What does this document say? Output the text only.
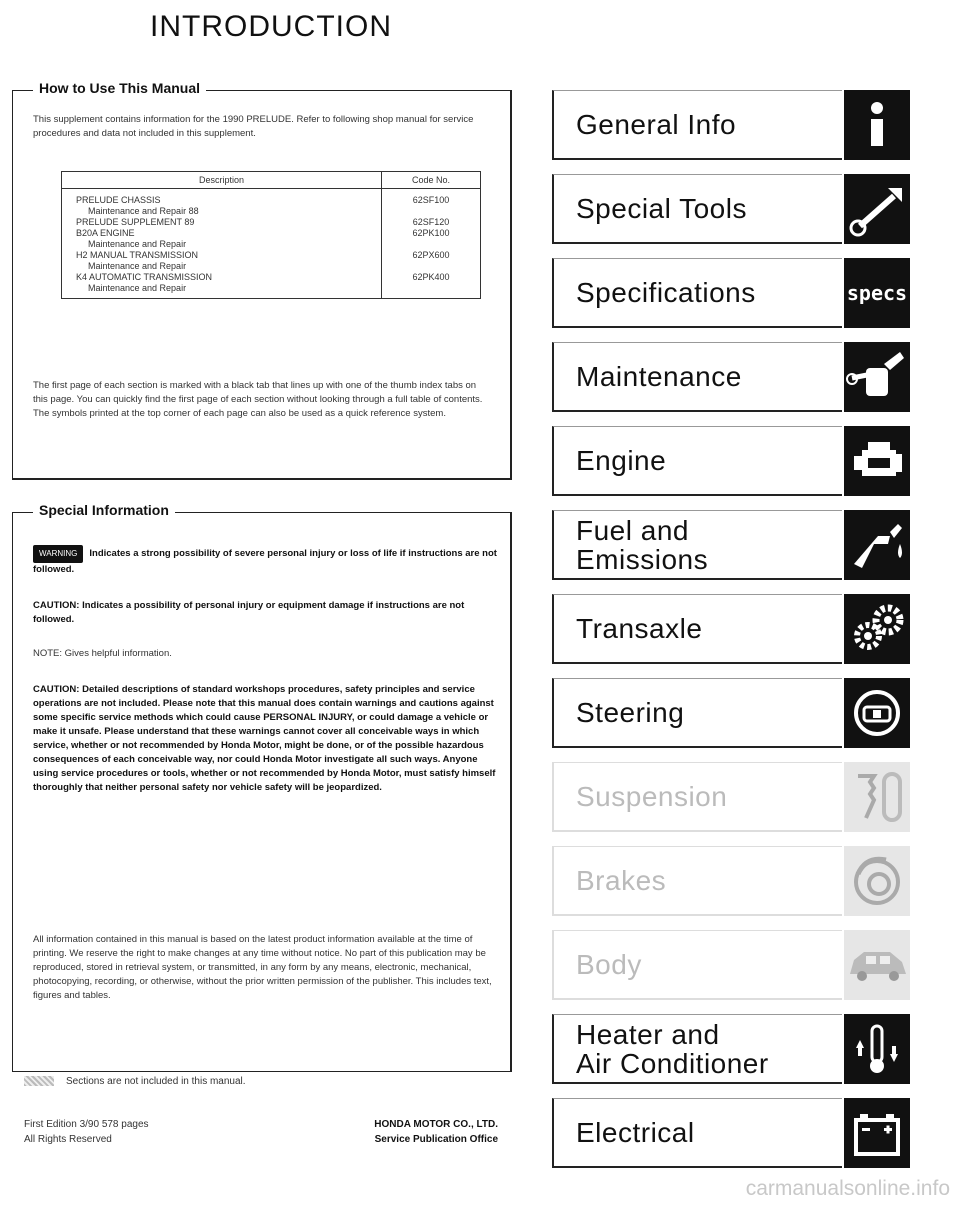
INTRODUCTION
How to Use This Manual

This supplement contains information for the 1990 PRELUDE. Refer to following shop manual for service procedures and data not included in this supplement.

Description	Code No.
PRELUDE CHASSIS	62SF100
Maintenance and Repair 88	
PRELUDE SUPPLEMENT 89	62SF120
B20A ENGINE	62PK100
Maintenance and Repair	
H2 MANUAL TRANSMISSION	62PX600
Maintenance and Repair	
K4 AUTOMATIC TRANSMISSION	62PK400
Maintenance and Repair	

The first page of each section is marked with a black tab that lines up with one of the thumb index tabs on this page. You can quickly find the first page of each section without looking through a full table of contents. The symbols printed at the top corner of each page can also be used as a quick reference system.

Special Information

WARNING Indicates a strong possibility of severe personal injury or loss of life if instructions are not followed.

CAUTION: Indicates a possibility of personal injury or equipment damage if instructions are not followed.

NOTE: Gives helpful information.

CAUTION: Detailed descriptions of standard workshops procedures, safety principles and service operations are not included. Please note that this manual does contain warnings and cautions against some specific service methods which could cause PERSONAL INJURY, or could damage a vehicle or make it unsafe. Please understand that these warnings cannot cover all conceivable ways in which service, whether or not recommended by Honda Motor, might be done, or of the possible hazardous consequences of each conceivable way, nor could Honda Motor investigate all such ways. Anyone using service procedures or tools, whether or not recommended by Honda Motor, must satisfy himself thoroughly that neither personal safety nor vehicle safety will be jeopardized.

All information contained in this manual is based on the latest product information available at the time of printing. We reserve the right to make changes at any time without notice. No part of this publication may be reproduced, stored in retrieval system, or transmitted, in any form by any means, electronic, mechanical, photocopying, recording, or otherwise, without the prior written permission of the publisher. This includes text, figures and tables.

Sections are not included in this manual.
First Edition 3/90 578 pages
All Rights Reserved
HONDA MOTOR CO., LTD.
Service Publication Office
General Info
Special Tools
Specifications	specs
Maintenance
Engine
Fuel and
Emissions
Transaxle
Steering
Suspension
Brakes
Body
Heater and
Air Conditioner
Electrical
carmanualsonline.info
